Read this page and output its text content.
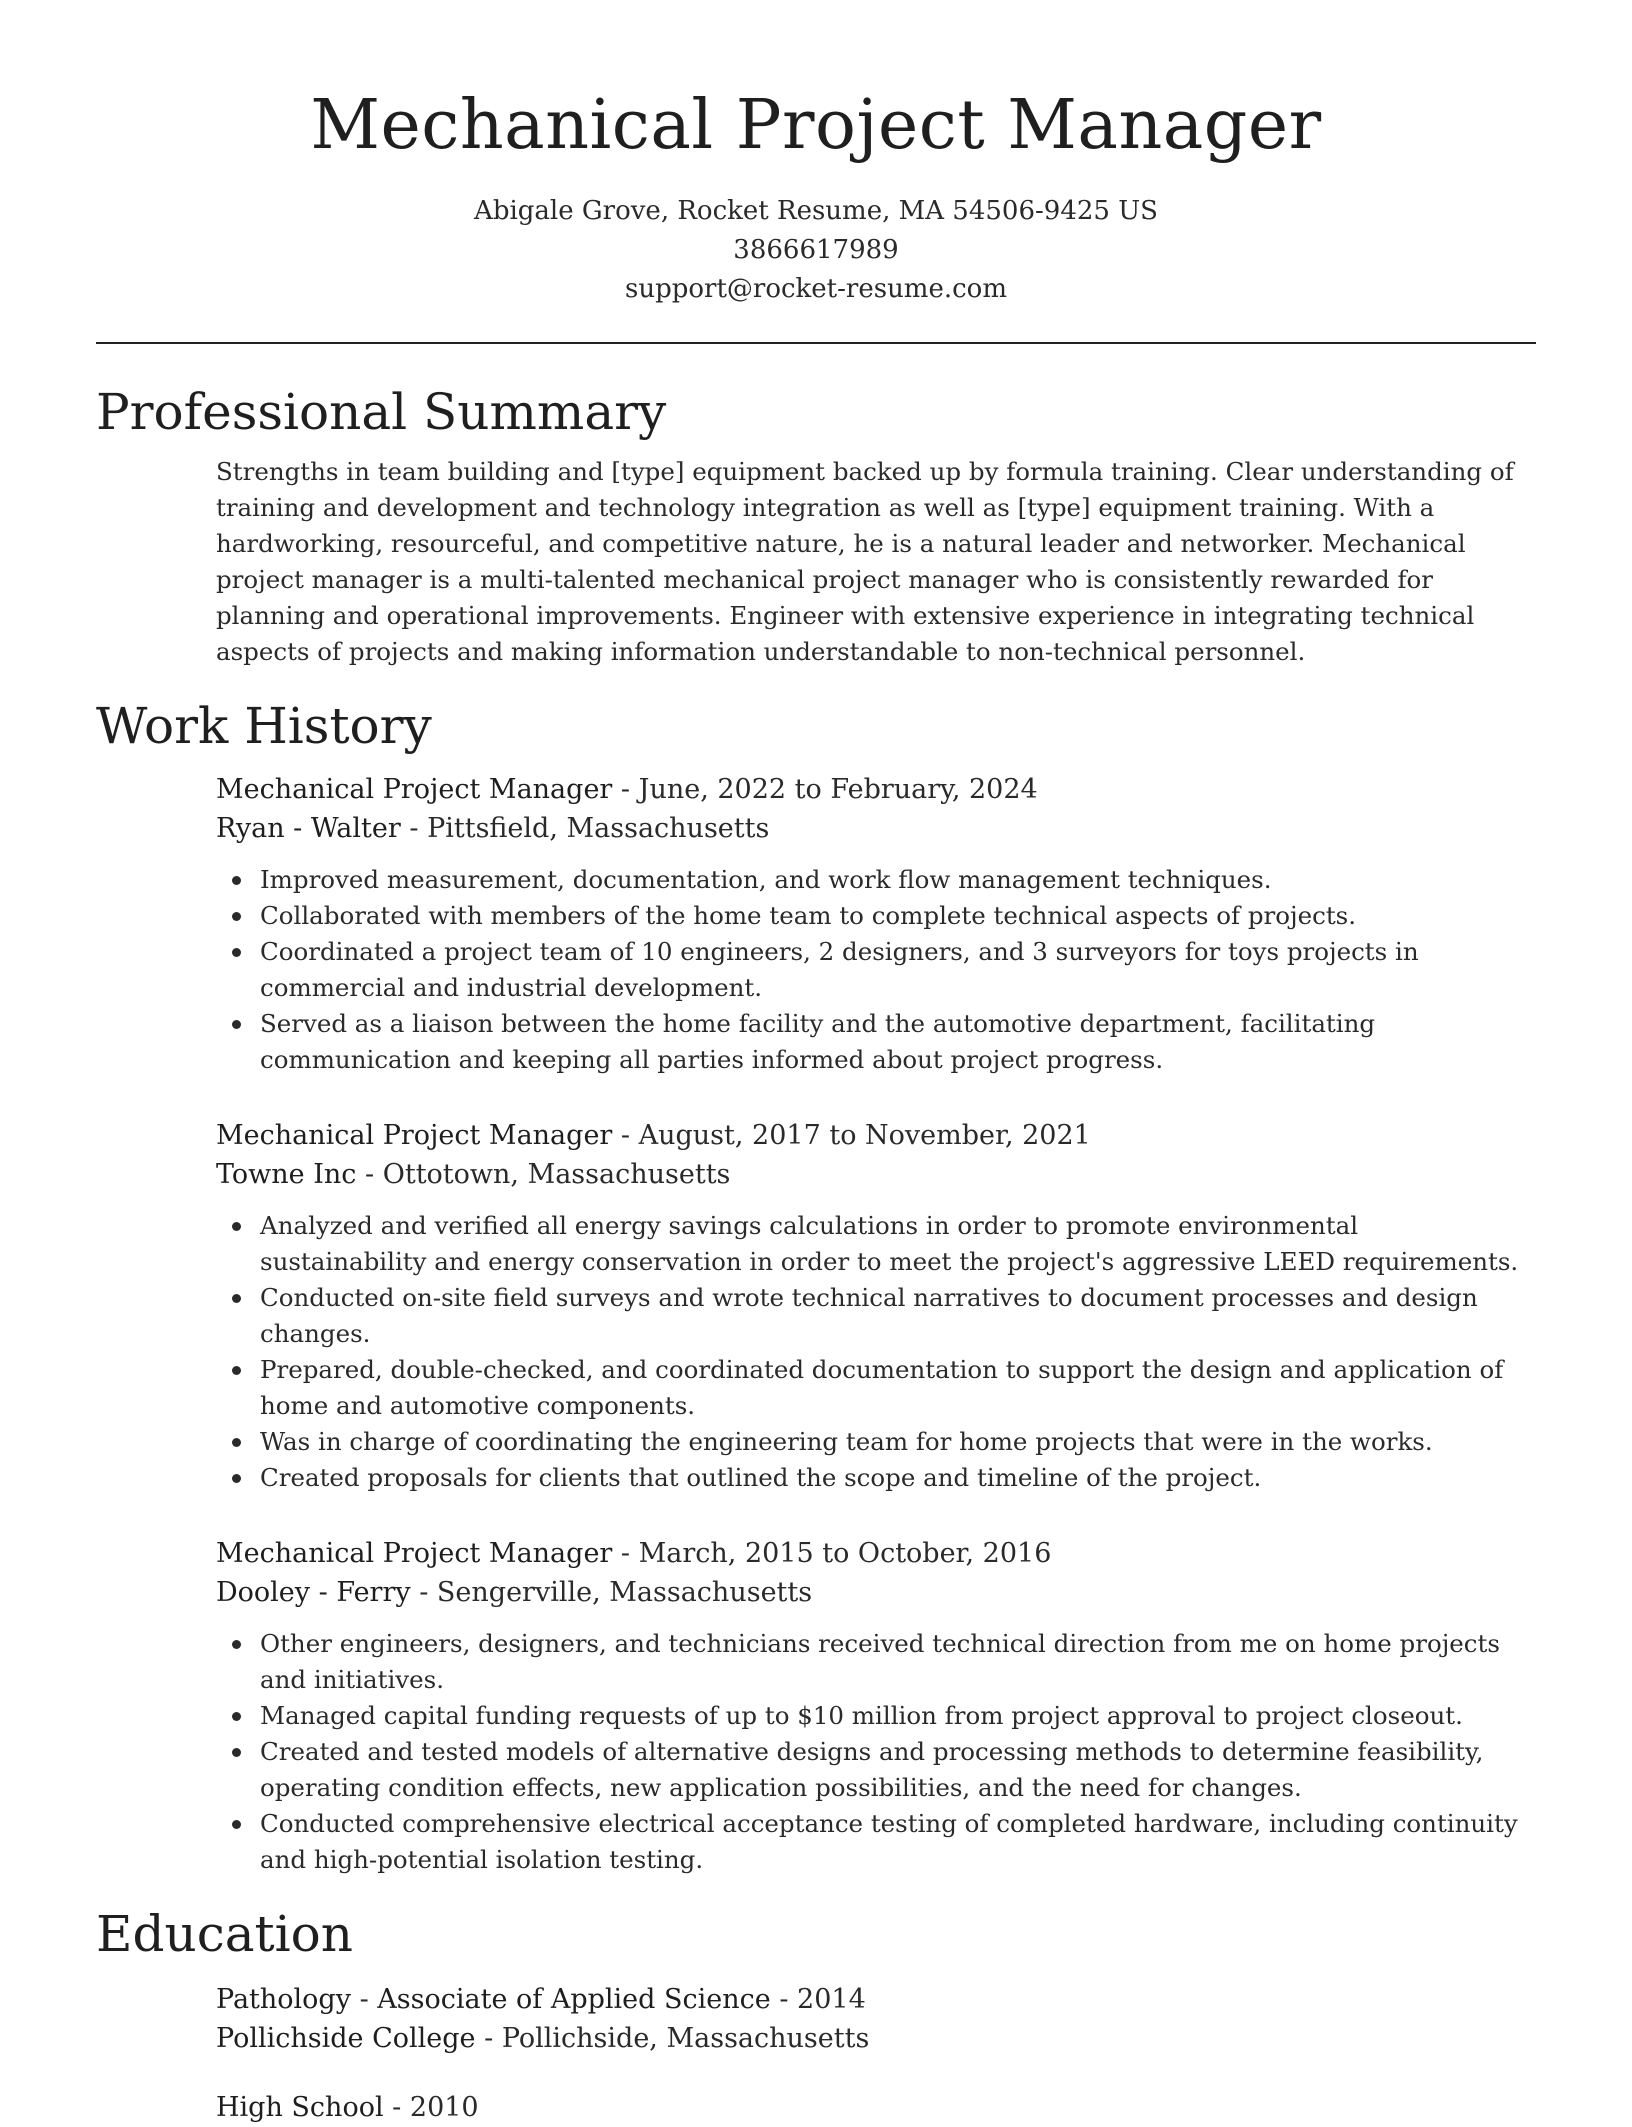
Mechanical Project Manager
Abigale Grove, Rocket Resume, MA 54506-9425 US
3866617989
support@rocket-resume.com
Professional Summary

Strengths in team building and [type] equipment backed up by formula training. Clear understanding of training and development and technology integration as well as [type] equipment training. With a hardworking, resourceful, and competitive nature, he is a natural leader and networker. Mechanical project manager is a multi-talented mechanical project manager who is consistently rewarded for planning and operational improvements. Engineer with extensive experience in integrating technical aspects of projects and making information understandable to non-technical personnel.

Work History
Mechanical Project Manager - June, 2022 to February, 2024
Ryan - Walter - Pittsfield, Massachusetts
Improved measurement, documentation, and work flow management techniques.
Collaborated with members of the home team to complete technical aspects of projects.
Coordinated a project team of 10 engineers, 2 designers, and 3 surveyors for toys projects in commercial and industrial development.
Served as a liaison between the home facility and the automotive department, facilitating communication and keeping all parties informed about project progress.
Mechanical Project Manager - August, 2017 to November, 2021
Towne Inc - Ottotown, Massachusetts
Analyzed and verified all energy savings calculations in order to promote environmental sustainability and energy conservation in order to meet the project's aggressive LEED requirements.
Conducted on-site field surveys and wrote technical narratives to document processes and design changes.
Prepared, double-checked, and coordinated documentation to support the design and application of home and automotive components.
Was in charge of coordinating the engineering team for home projects that were in the works.
Created proposals for clients that outlined the scope and timeline of the project.
Mechanical Project Manager - March, 2015 to October, 2016
Dooley - Ferry - Sengerville, Massachusetts
Other engineers, designers, and technicians received technical direction from me on home projects and initiatives.
Managed capital funding requests of up to $10 million from project approval to project closeout.
Created and tested models of alternative designs and processing methods to determine feasibility, operating condition effects, new application possibilities, and the need for changes.
Conducted comprehensive electrical acceptance testing of completed hardware, including continuity and high-potential isolation testing.
Education
Pathology - Associate of Applied Science - 2014
Pollichside College - Pollichside, Massachusetts
High School - 2010
